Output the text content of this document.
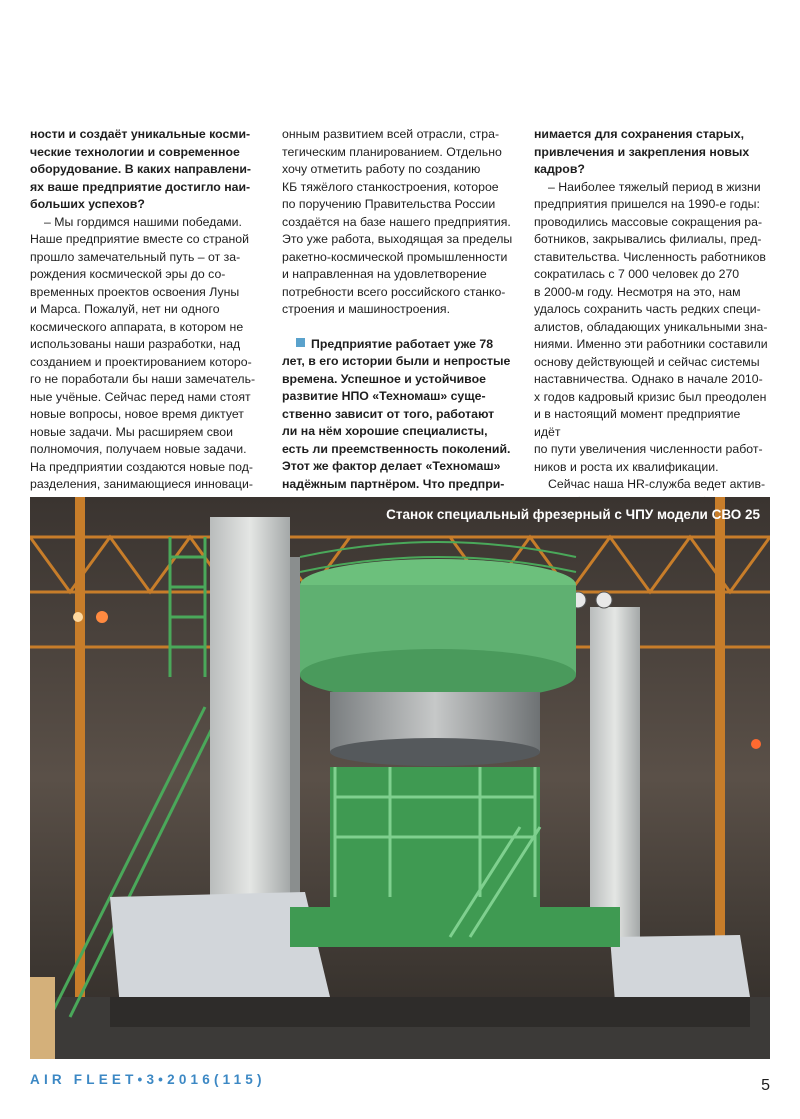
ности и создаёт уникальные косми-

ческие технологии и современное

оборудование. В каких направлени-

ях ваше предприятие достигло наи-

больших успехов?

– Мы гордимся нашими победами.

Наше предприятие вместе со страной

прошло замечательный путь – от за-

рождения космической эры до со-

временных проектов освоения Луны

и Марса. Пожалуй, нет ни одного

космического аппарата, в котором не

использованы наши разработки, над

созданием и проектированием которо-

го не поработали бы наши замечатель-

ные учёные. Сейчас перед нами стоят

новые вопросы, новое время диктует

новые задачи. Мы расширяем свои

полномочия, получаем новые задачи.

На предприятии создаются новые под-

разделения, занимающиеся инноваци-

онным развитием всей отрасли, стра-

тегическим планированием. Отдельно

хочу отметить работу по созданию

КБ тяжёлого станкостроения, которое

по поручению Правительства России

создаётся на базе нашего предприятия.

Это уже работа, выходящая за пределы

ракетно-космической промышленности

и направленная на удовлетворение

потребности всего российского станко-

строения и машиностроения.

Предприятие работает уже 78

лет, в его истории были и непростые

времена. Успешное и устойчивое

развитие НПО «Техномаш» суще-

ственно зависит от того, работают

ли на нём хорошие специалисты,

есть ли преемственность поколений.

Этот же фактор делает «Техномаш»

надёжным партнёром. Что предпри-

нимается для сохранения старых,

привлечения и закрепления новых

кадров?

– Наиболее тяжелый период в жизни

предприятия пришелся на 1990-е годы:

проводились массовые сокращения ра-

ботников, закрывались филиалы, пред-

ставительства. Численность работников

сократилась с 7 000 человек до 270

в 2000-м году. Несмотря на это, нам

удалось сохранить часть редких специ-

алистов, обладающих уникальными зна-

ниями. Именно эти работники составили

основу действующей и сейчас системы

наставничества. Однако в начале 2010-

х годов кадровый кризис был преодолен

и в настоящий момент предприятие идёт

по пути увеличения численности работ-

ников и роста их квалификации.

Сейчас наша HR-служба ведет актив-

Станок специальный фрезерный с ЧПУ модели СВО 25
AIR FLEET•3•2016(115)	5
